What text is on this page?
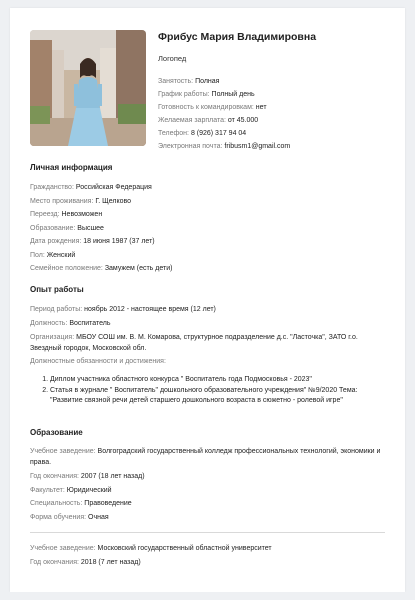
Фрибус Мария Владимировна
Логопед
Занятость: Полная
График работы: Полный день
Готовность к командировкам: нет
Желаемая зарплата: от 45.000
Телефон: 8 (926) 317 94 04
Электронная почта: fribusm1@gmail.com
Личная информация
Гражданство: Российская Федерация
Место проживания: Г. Щелково
Переезд: Невозможен
Образование: Высшее
Дата рождения: 18 июня 1987 (37 лет)
Пол: Женский
Семейное положение: Замужем (есть дети)
Опыт работы
Период работы: ноябрь 2012 - настоящее время (12 лет)
Должность: Воспитатель
Организация: МБОУ СОШ им. В. М. Комарова, структурное подразделение д.с. "Ласточка", ЗАТО г.о. Звездный городок, Московской обл.
Должностные обязанности и достижения:
1. Диплом участника областного конкурса " Воспитатель года Подмосковья - 2023"
2. Статья в журнале " Воспитатель" дошкольного образовательного учреждения" №9/2020 Тема: "Развитие связной речи детей старшего дошкольного возраста в сюжетно - ролевой игре"
Образование
Учебное заведение: Волгоградский государственный колледж профессиональных технологий, экономики и права.
Год окончания: 2007 (18 лет назад)
Факультет: Юридический
Специальность: Правоведение
Форма обучения: Очная
Учебное заведение: Московский государственный областной университет
Год окончания: 2018 (7 лет назад)
